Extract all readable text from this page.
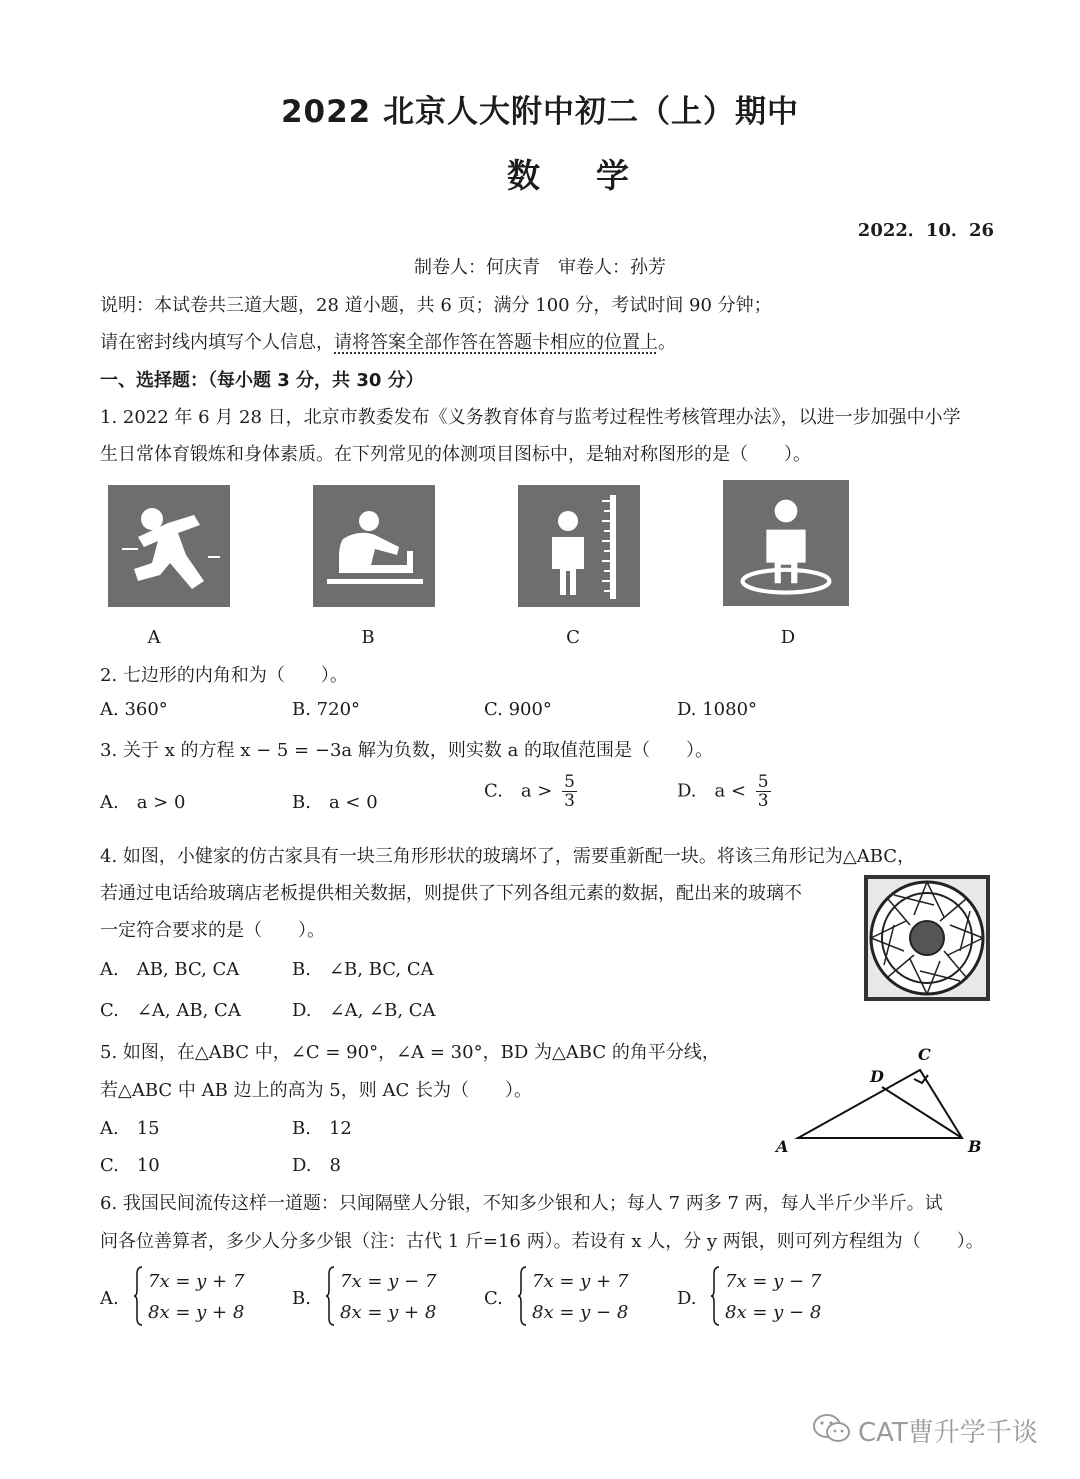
2022 北京人大附中初二（上）期中
数学
2022．10．26
制卷人：何庆青　审卷人：孙芳
说明：本试卷共三道大题，28 道小题，共 6 页；满分 100 分，考试时间 90 分钟；
请在密封线内填写个人信息，请将答案全部作答在答题卡相应的位置上。
一、选择题：（每小题 3 分，共 30 分）
1. 2022 年 6 月 28 日，北京市教委发布《义务教育体育与监考过程性考核管理办法》，以进一步加强中小学
生日常体育锻炼和身体素质。在下列常见的体测项目图标中，是轴对称图形的是（　　）。
A	B	C	D
2. 七边形的内角和为（　　）。
A. 360°	B. 720°	C. 900°	D. 1080°
3. 关于 x 的方程 x − 5 = −3a 解为负数，则实数 a 的取值范围是（　　）。
A.　a > 0	B.　a < 0
C.　$a > \frac{5}{3}$	D.　$a < \frac{5}{3}$
4. 如图，小健家的仿古家具有一块三角形形状的玻璃坏了，需要重新配一块。将该三角形记为△ABC，
若通过电话给玻璃店老板提供相关数据，则提供了下列各组元素的数据，配出来的玻璃不
一定符合要求的是（　　）。
A.　AB, BC, CA	B.　∠B, BC, CA
C.　∠A, AB, CA	D.　∠A, ∠B, CA
5. 如图，在△ABC 中，∠C = 90°，∠A = 30°，BD 为△ABC 的角平分线，
若△ABC 中 AB 边上的高为 5，则 AC 长为（　　）。
A.　15	B.　12
C.　10	D.　8
A	B
C
D
6. 我国民间流传这样一道题：只闻隔壁人分银，不知多少银和人；每人 7 两多 7 两，每人半斤少半斤。试
问各位善算者，多少人分多少银（注：古代 1 斤=16 两）。若设有 x 人，分 y 两银，则可列方程组为（　　）。
A.
7x = y + 7
8x = y + 8
B.
7x = y − 7
8x = y + 8
C.
7x = y + 7
8x = y − 8
D.
7x = y − 7
8x = y − 8
CAT曹升学千谈
